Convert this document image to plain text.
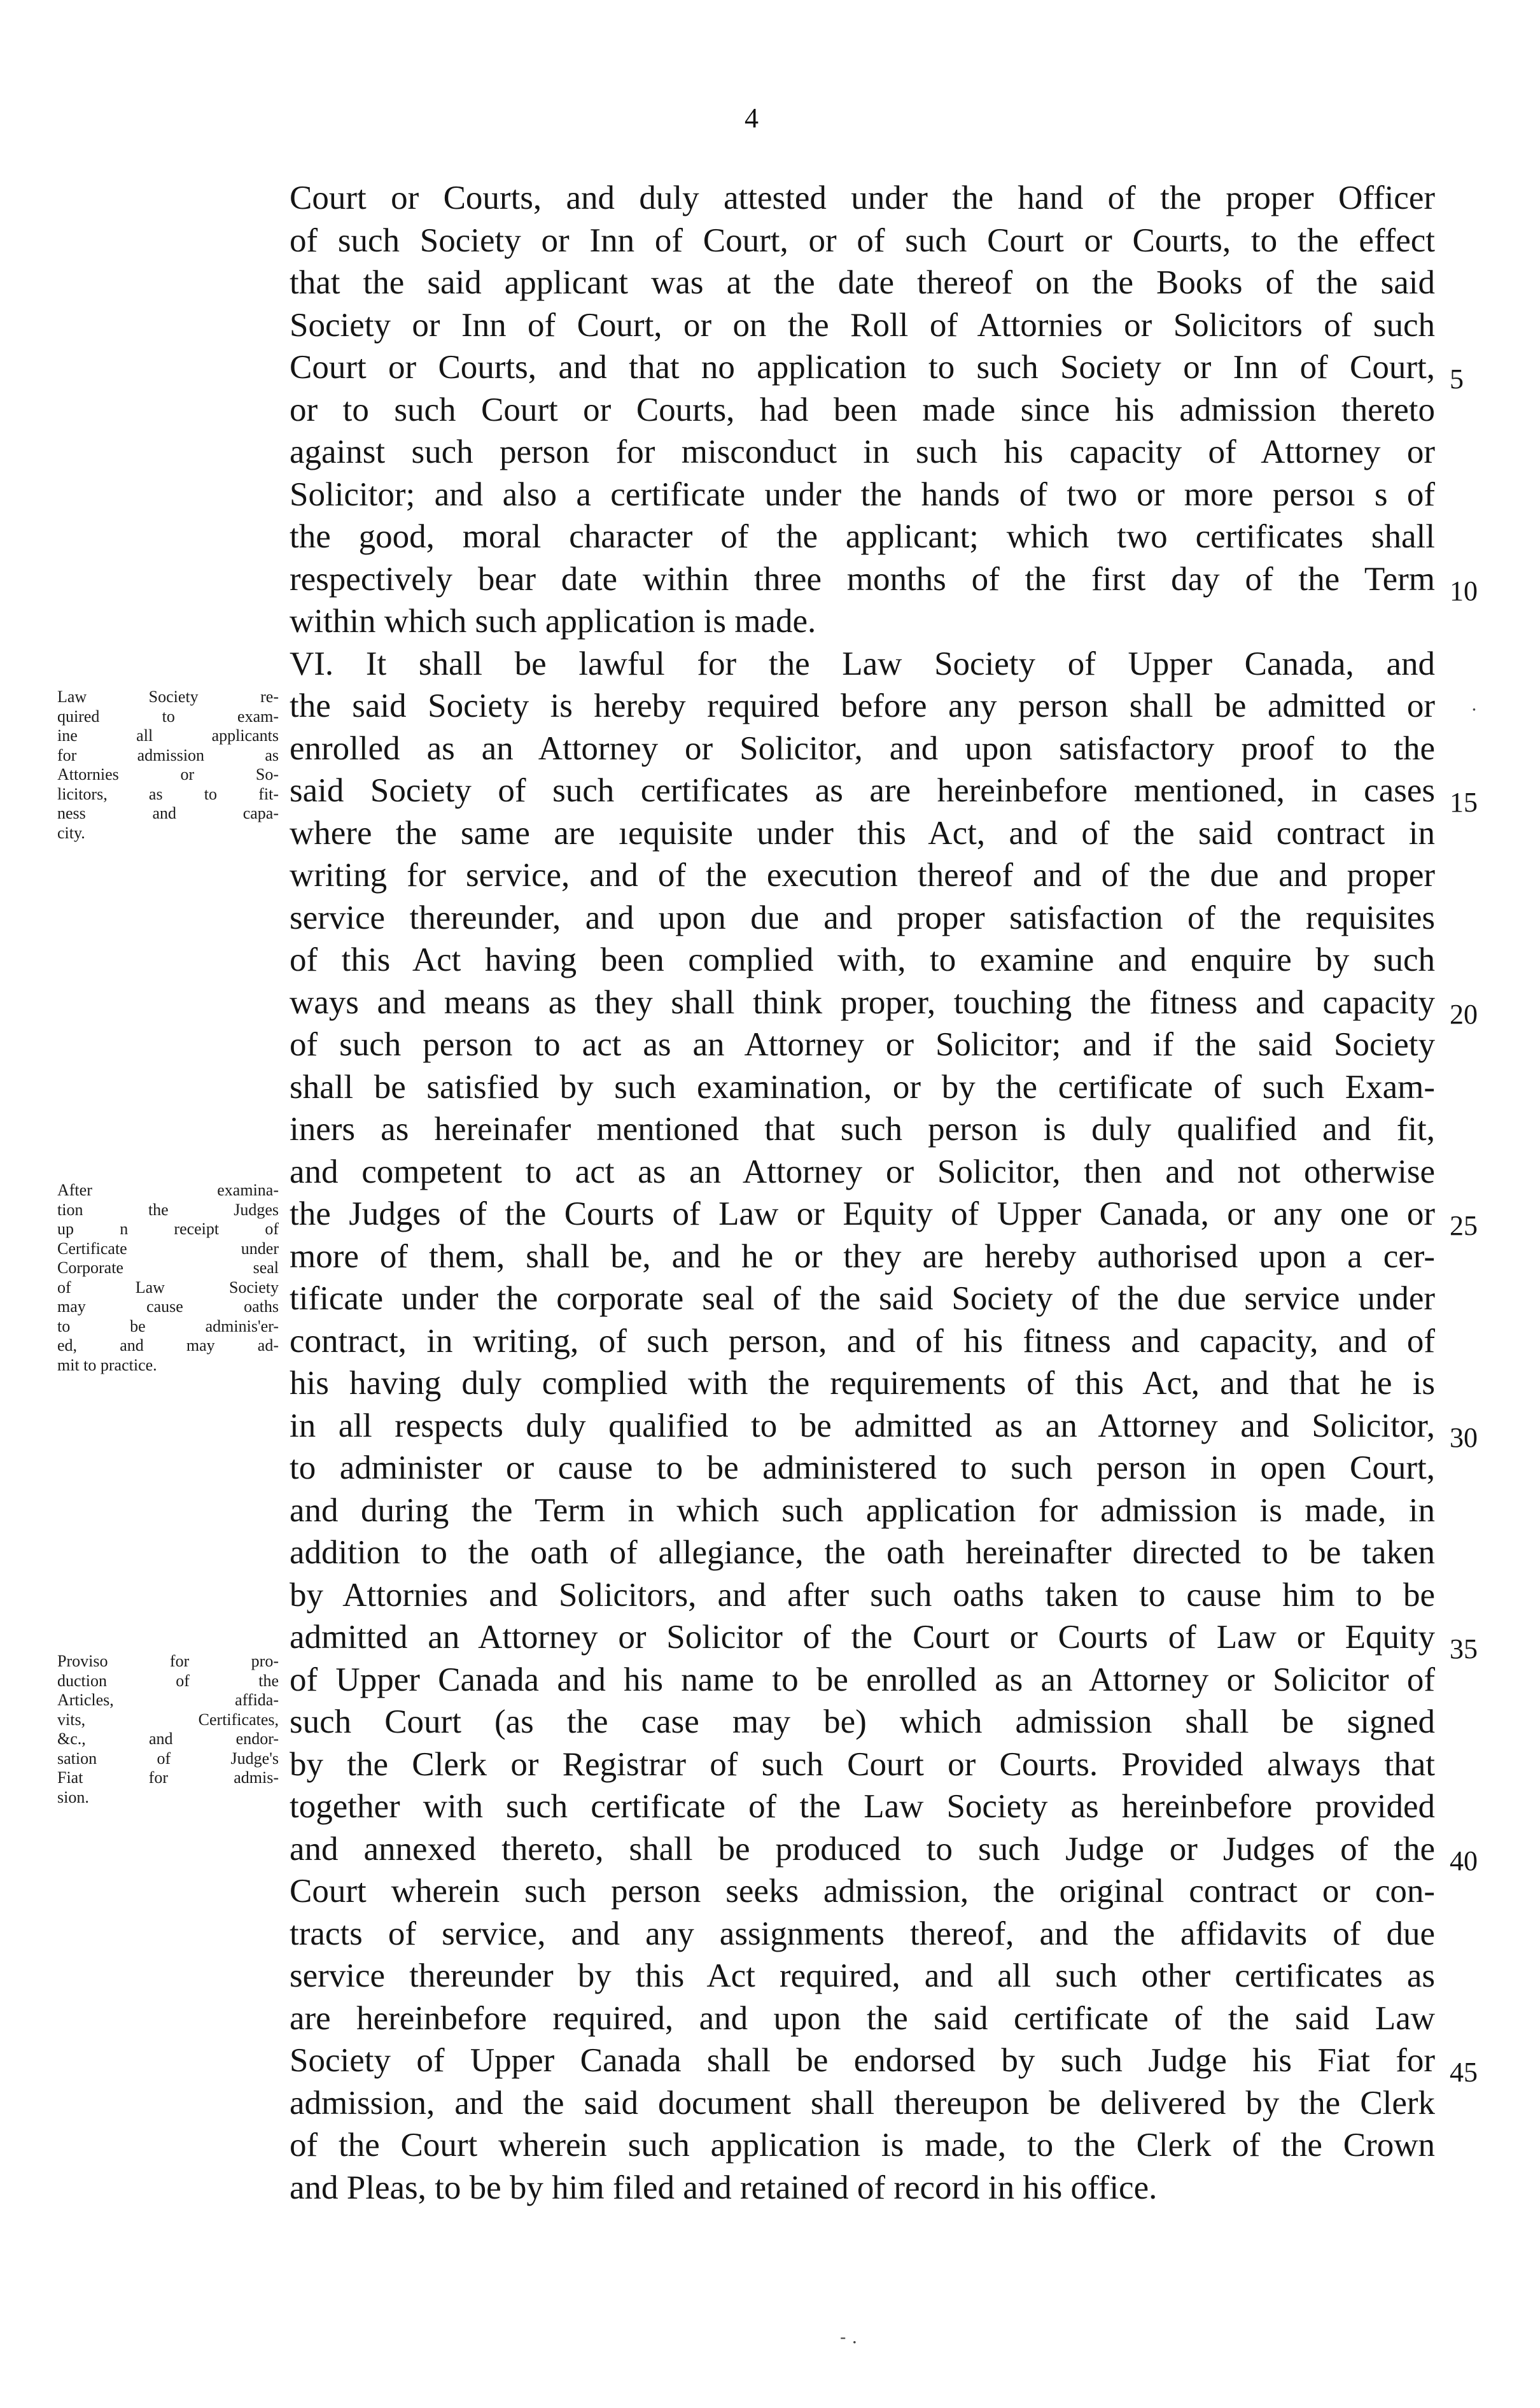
4
Court or Courts, and duly attested under the hand of the proper Officer
of such Society or Inn of Court, or of such Court or Courts, to the effect
that the said applicant was at the date thereof on the Books of the said
Society or Inn of Court, or on the Roll of Attornies or Solicitors of such
Court or Courts, and that no application to such Society or Inn of Court,
or to such Court or Courts, had been made since his admission thereto
against such person for misconduct in such his capacity of Attorney or
Solicitor; and also a certificate under the hands of two or more persoı s of
the good, moral character of the applicant; which two certificates shall
respectively bear date within three months of the first day of the Term
within which such application is made.
VI. It shall be lawful for the Law Society of Upper Canada, and
the said Society is hereby required before any person shall be admitted or
enrolled as an Attorney or Solicitor, and upon satisfactory proof to the
said Society of such certificates as are hereinbefore mentioned, in cases
where the same are ıequisite under this Act, and of the said contract in
writing for service, and of the execution thereof and of the due and proper
service thereunder, and upon due and proper satisfaction of the requisites
of this Act having been complied with, to examine and enquire by such
ways and means as they shall think proper, touching the fitness and capacity
of such person to act as an Attorney or Solicitor; and if the said Society
shall be satisfied by such examination, or by the certificate of such Exam-
iners as hereinafer mentioned that such person is duly qualified and fit,
and competent to act as an Attorney or Solicitor, then and not otherwise
the Judges of the Courts of Law or Equity of Upper Canada, or any one or
more of them, shall be, and he or they are hereby authorised upon a cer-
tificate under the corporate seal of the said Society of the due service under
contract, in writing, of such person, and of his fitness and capacity, and of
his having duly complied with the requirements of this Act, and that he is
in all respects duly qualified to be admitted as an Attorney and Solicitor,
to administer or cause to be administered to such person in open Court,
and during the Term in which such application for admission is made, in
addition to the oath of allegiance, the oath hereinafter directed to be taken
by Attornies and Solicitors, and after such oaths taken to cause him to be
admitted an Attorney or Solicitor of the Court or Courts of Law or Equity
of Upper Canada and his name to be enrolled as an Attorney or Solicitor of
such Court (as the case may be) which admission shall be signed
by the Clerk or Registrar of such Court or Courts. Provided always that
together with such certificate of the Law Society as hereinbefore provided
and annexed thereto, shall be produced to such Judge or Judges of the
Court wherein such person seeks admission, the original contract or con-
tracts of service, and any assignments thereof, and the affidavits of due
service thereunder by this Act required, and all such other certificates as
are hereinbefore required, and upon the said certificate of the said Law
Society of Upper Canada shall be endorsed by such Judge his Fiat for
admission, and the said document shall thereupon be delivered by the Clerk
of the Court wherein such application is made, to the Clerk of the Crown
and Pleas, to be by him filed and retained of record in his office.
5
10
15
20
25
30
35
40
45
Law Society re-
quired to exam-
ine all applicants
for admission as
Attornies or So-
licitors, as to fit-
ness and capa-
city.
After examina-
tion the Judges
up n receipt of
Certificate under
Corporate seal
of Law Society
may cause oaths
to be adminis'er-
ed, and may ad-
mit to practice.
Proviso for pro-
duction of the
Articles, affida-
vits, Certificates,
&c., and endor-
sation of Judge's
Fiat for admis-
sion.
.
- .
